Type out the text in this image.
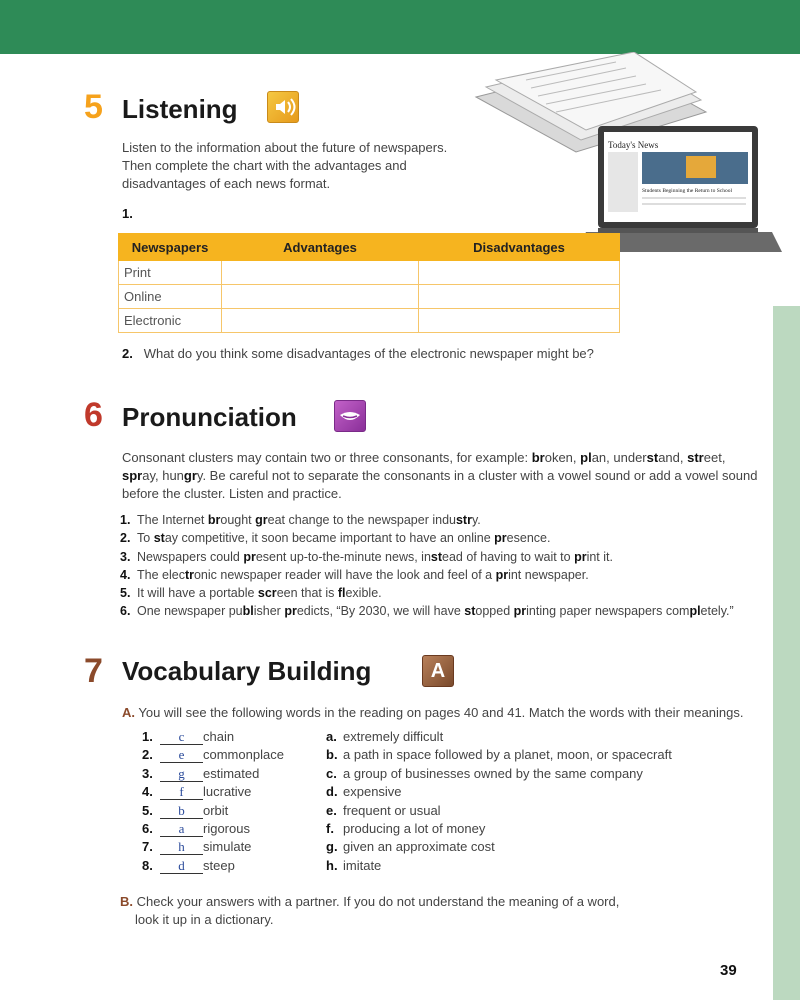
Today's News
Students Beginning the Return to School
5 Listening
Listen to the information about the future of newspapers.
Then complete the chart with the advantages and
disadvantages of each news format.
1.
Newspapers	Advantages	Disadvantages
Print		
Online		
Electronic		
2. What do you think some disadvantages of the electronic newspaper might be?
6 Pronunciation
Consonant clusters may contain two or three consonants, for example: broken, plan, understand, street, spray, hungry. Be careful not to separate the consonants in a cluster with a vowel sound or add a vowel sound before the cluster. Listen and practice.
1. The Internet brought great change to the newspaper industry.
2. To stay competitive, it soon became important to have an online presence.
3. Newspapers could present up-to-the-minute news, instead of having to wait to print it.
4. The electronic newspaper reader will have the look and feel of a print newspaper.
5. It will have a portable screen that is flexible.
6. One newspaper publisher predicts, “By 2030, we will have stopped printing paper newspapers completely.”
7 Vocabulary Building	A
A. You will see the following words in the reading on pages 40 and 41. Match the words with their meanings.
1. c chain
2. e commonplace
3. g estimated
4. f lucrative
5. b orbit
6. a rigorous
7. h simulate
8. d steep
a. extremely difficult
b. a path in space followed by a planet, moon, or spacecraft
c. a group of businesses owned by the same company
d. expensive
e. frequent or usual
f. producing a lot of money
g. given an approximate cost
h. imitate
B. Check your answers with a partner. If you do not understand the meaning of a word,
look it up in a dictionary.
39
